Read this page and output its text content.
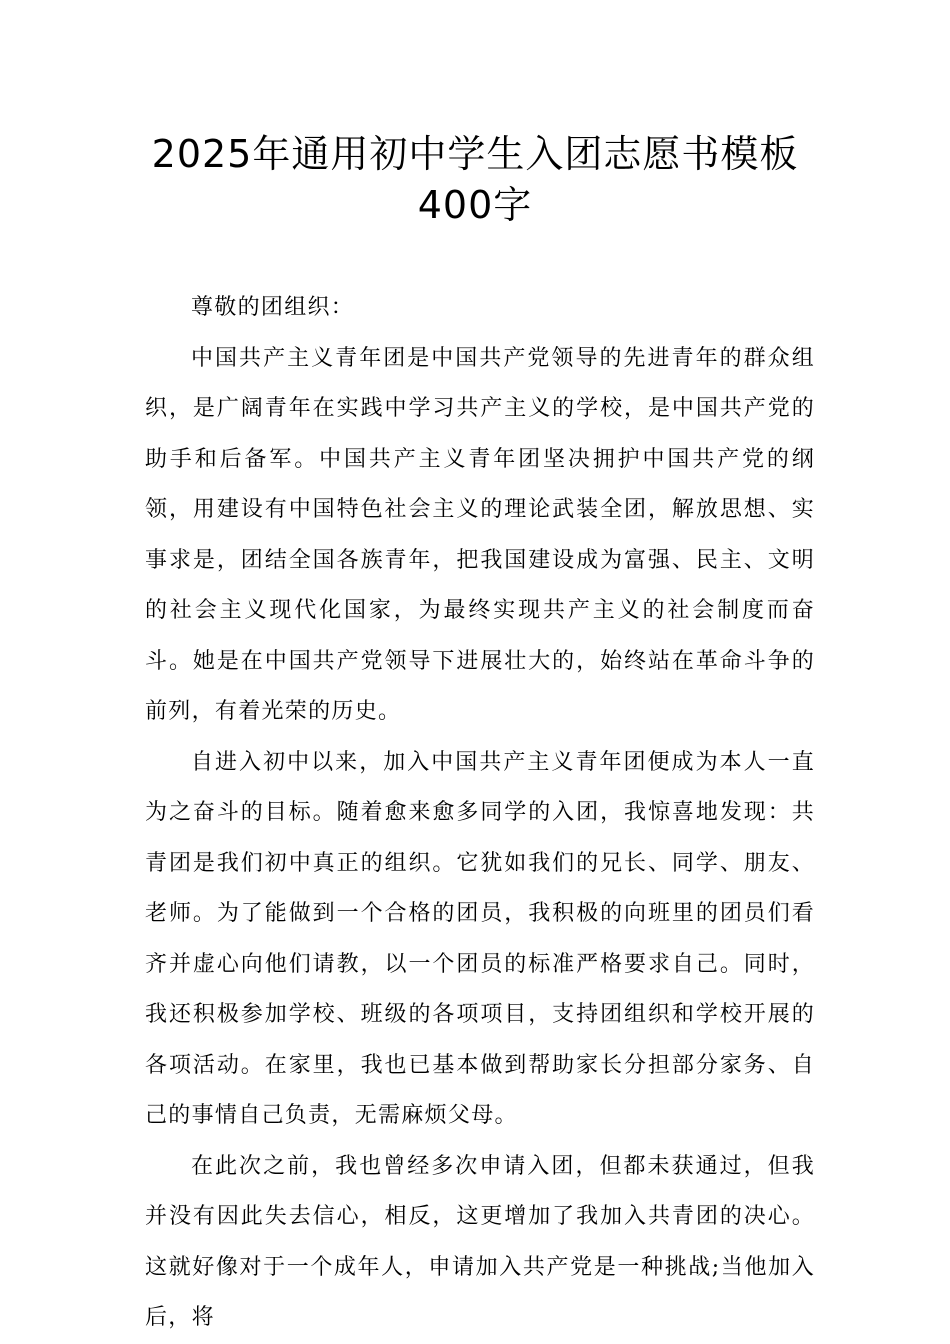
2025年通用初中学生入团志愿书模板
400字

尊敬的团组织：

中国共产主义青年团是中国共产党领导的先进青年的群众组织，是广阔青年在实践中学习共产主义的学校，是中国共产党的助手和后备军。中国共产主义青年团坚决拥护中国共产党的纲领，用建设有中国特色社会主义的理论武装全团，解放思想、实事求是，团结全国各族青年，把我国建设成为富强、民主、文明的社会主义现代化国家，为最终实现共产主义的社会制度而奋斗。她是在中国共产党领导下进展壮大的，始终站在革命斗争的前列，有着光荣的历史。

自进入初中以来，加入中国共产主义青年团便成为本人一直为之奋斗的目标。随着愈来愈多同学的入团，我惊喜地发现：共青团是我们初中真正的组织。它犹如我们的兄长、同学、朋友、老师。为了能做到一个合格的团员，我积极的向班里的团员们看齐并虚心向他们请教，以一个团员的标准严格要求自己。同时，我还积极参加学校、班级的各项项目，支持团组织和学校开展的各项活动。在家里，我也已基本做到帮助家长分担部分家务、自己的事情自己负责，无需麻烦父母。

在此次之前，我也曾经多次申请入团，但都未获通过，但我并没有因此失去信心，相反，这更增加了我加入共青团的决心。这就好像对于一个成年人，申请加入共产党是一种挑战;当他加入后，将
